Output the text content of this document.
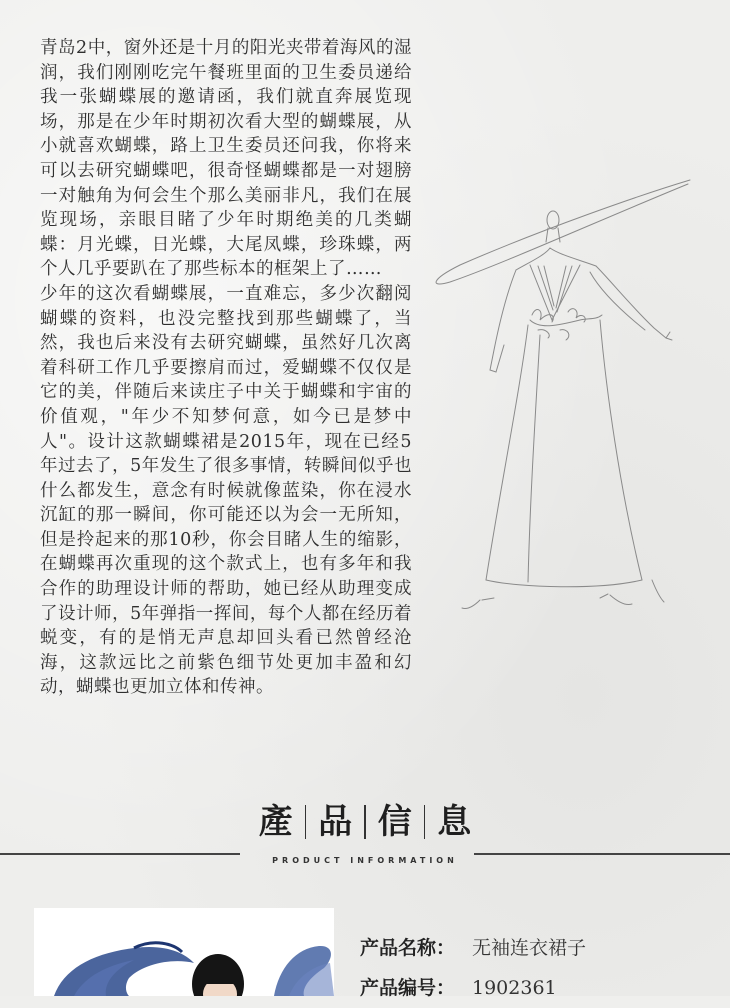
青岛2中，窗外还是十月的阳光夹带着海风的湿润，我们刚刚吃完午餐班里面的卫生委员递给我一张蝴蝶展的邀请函，我们就直奔展览现场，那是在少年时期初次看大型的蝴蝶展，从小就喜欢蝴蝶，路上卫生委员还问我，你将来可以去研究蝴蝶吧，很奇怪蝴蝶都是一对翅膀一对触角为何会生个那么美丽非凡，我们在展览现场，亲眼目睹了少年时期绝美的几类蝴蝶：月光蝶，日光蝶，大尾凤蝶，珍珠蝶，两个人几乎要趴在了那些标本的框架上了……

少年的这次看蝴蝶展，一直难忘，多少次翻阅蝴蝶的资料，也没完整找到那些蝴蝶了，当然，我也后来没有去研究蝴蝶，虽然好几次离着科研工作几乎要擦肩而过，爱蝴蝶不仅仅是它的美，伴随后来读庄子中关于蝴蝶和宇宙的价值观，"年少不知梦何意，如今已是梦中人"。设计这款蝴蝶裙是2015年，现在已经5年过去了，5年发生了很多事情，转瞬间似乎也什么都发生，意念有时候就像蓝染，你在浸水沉缸的那一瞬间，你可能还以为会一无所知，但是拎起来的那10秒，你会目睹人生的缩影，在蝴蝶再次重现的这个款式上，也有多年和我合作的助理设计师的帮助，她已经从助理变成了设计师，5年弹指一挥间，每个人都在经历着蜕变，有的是悄无声息却回头看已然曾经沧海，这款远比之前紫色细节处更加丰盈和幻动，蝴蝶也更加立体和传神。

產 品 信 息
PRODUCT INFORMATION
产品名称： 无袖连衣裙子
产品编号： 1902361
